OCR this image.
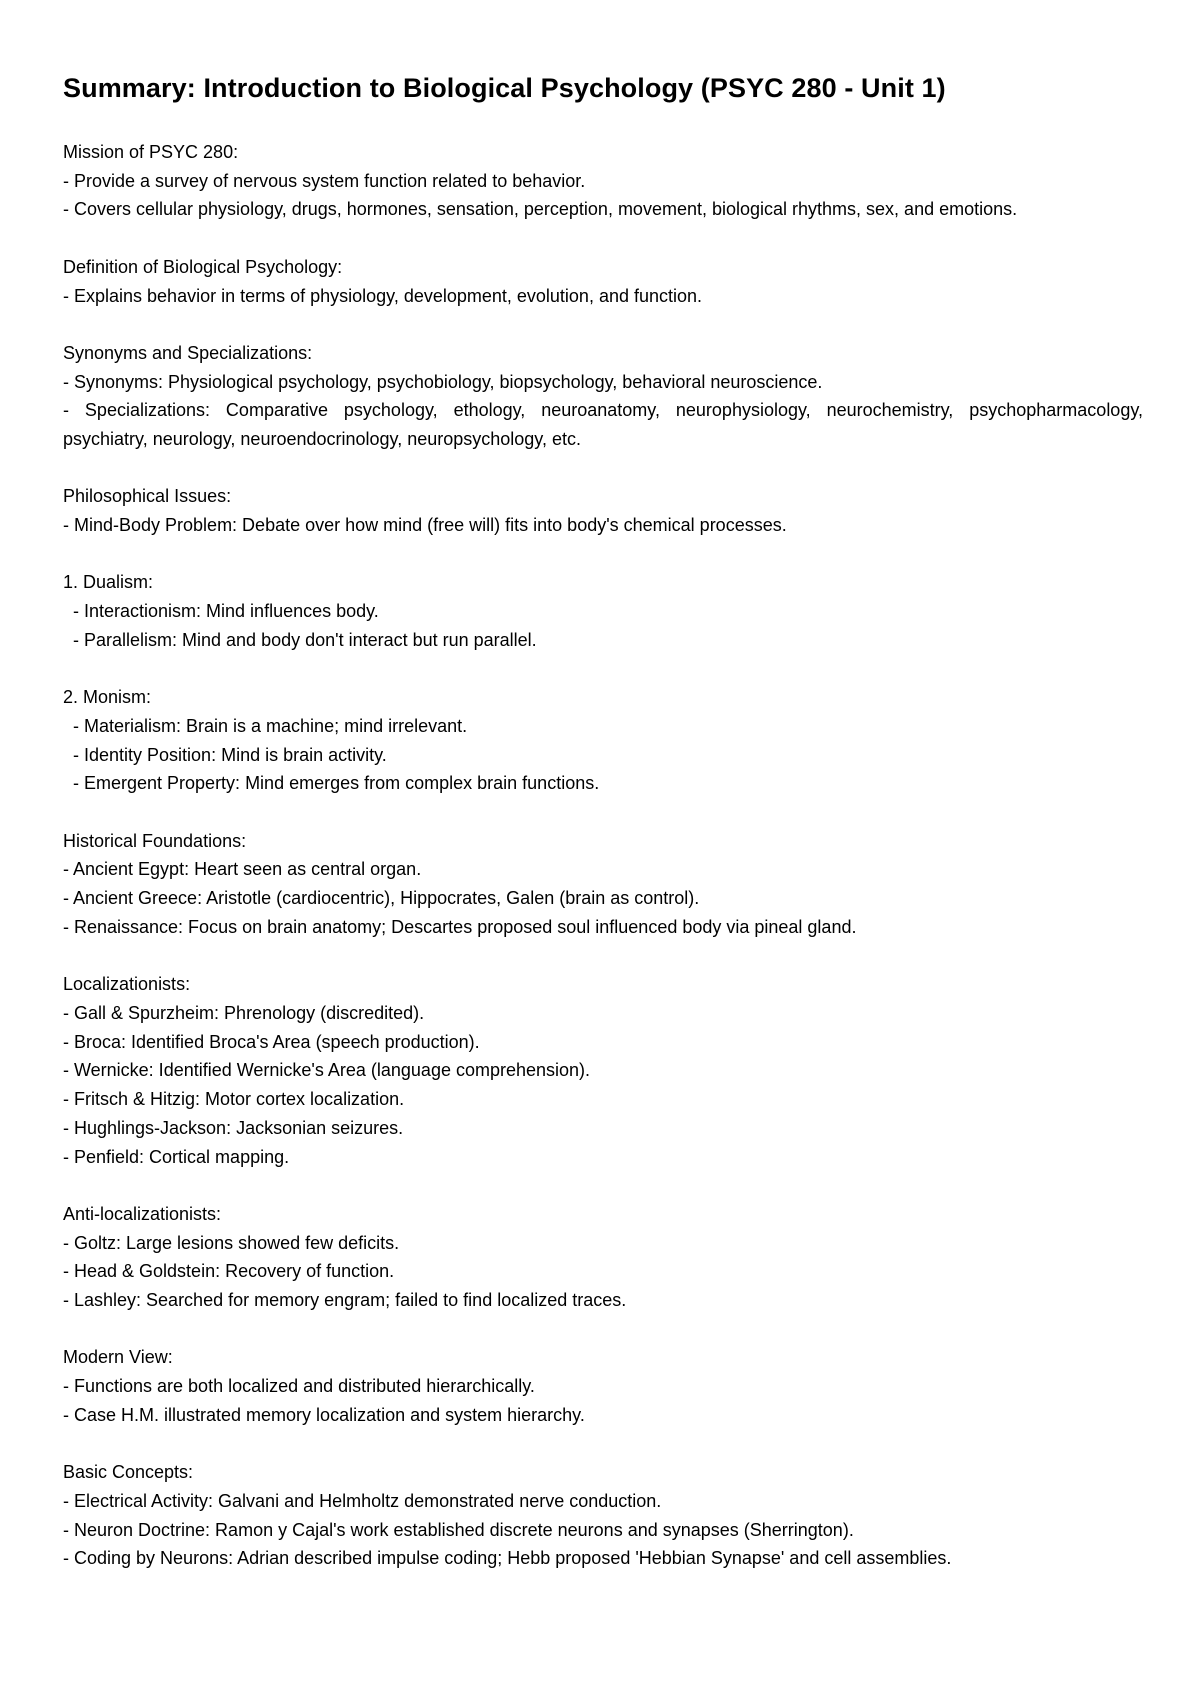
Summary: Introduction to Biological Psychology (PSYC 280 - Unit 1)
Mission of PSYC 280:
- Provide a survey of nervous system function related to behavior.
- Covers cellular physiology, drugs, hormones, sensation, perception, movement, biological rhythms, sex, and emotions.
Definition of Biological Psychology:
- Explains behavior in terms of physiology, development, evolution, and function.
Synonyms and Specializations:
- Synonyms: Physiological psychology, psychobiology, biopsychology, behavioral neuroscience.
- Specializations: Comparative psychology, ethology, neuroanatomy, neurophysiology, neurochemistry, psychopharmacology, psychiatry, neurology, neuroendocrinology, neuropsychology, etc.
Philosophical Issues:
- Mind-Body Problem: Debate over how mind (free will) fits into body's chemical processes.
1. Dualism:
- Interactionism: Mind influences body.
- Parallelism: Mind and body don't interact but run parallel.
2. Monism:
- Materialism: Brain is a machine; mind irrelevant.
- Identity Position: Mind is brain activity.
- Emergent Property: Mind emerges from complex brain functions.
Historical Foundations:
- Ancient Egypt: Heart seen as central organ.
- Ancient Greece: Aristotle (cardiocentric), Hippocrates, Galen (brain as control).
- Renaissance: Focus on brain anatomy; Descartes proposed soul influenced body via pineal gland.
Localizationists:
- Gall & Spurzheim: Phrenology (discredited).
- Broca: Identified Broca's Area (speech production).
- Wernicke: Identified Wernicke's Area (language comprehension).
- Fritsch & Hitzig: Motor cortex localization.
- Hughlings-Jackson: Jacksonian seizures.
- Penfield: Cortical mapping.
Anti-localizationists:
- Goltz: Large lesions showed few deficits.
- Head & Goldstein: Recovery of function.
- Lashley: Searched for memory engram; failed to find localized traces.
Modern View:
- Functions are both localized and distributed hierarchically.
- Case H.M. illustrated memory localization and system hierarchy.
Basic Concepts:
- Electrical Activity: Galvani and Helmholtz demonstrated nerve conduction.
- Neuron Doctrine: Ramon y Cajal's work established discrete neurons and synapses (Sherrington).
- Coding by Neurons: Adrian described impulse coding; Hebb proposed 'Hebbian Synapse' and cell assemblies.
